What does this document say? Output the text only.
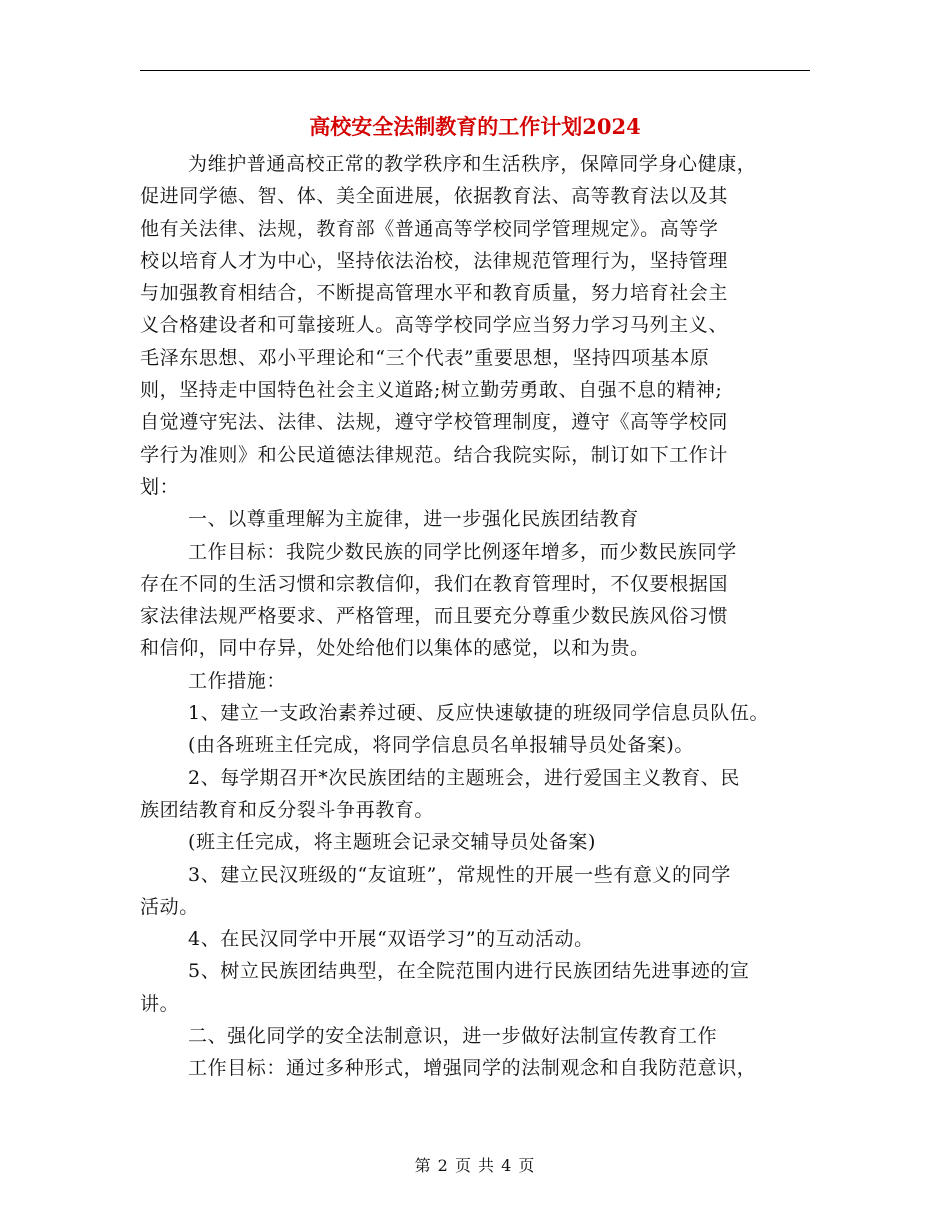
高校安全法制教育的工作计划2024
为维护普通高校正常的教学秩序和生活秩序，保障同学身心健康，
促进同学德、智、体、美全面进展，依据教育法、高等教育法以及其
他有关法律、法规，教育部《普通高等学校同学管理规定》。高等学
校以培育人才为中心，坚持依法治校，法律规范管理行为，坚持管理
与加强教育相结合，不断提高管理水平和教育质量，努力培育社会主
义合格建设者和可靠接班人。高等学校同学应当努力学习马列主义、
毛泽东思想、邓小平理论和“三个代表”重要思想，坚持四项基本原
则，坚持走中国特色社会主义道路;树立勤劳勇敢、自强不息的精神;
自觉遵守宪法、法律、法规，遵守学校管理制度，遵守《高等学校同
学行为准则》和公民道德法律规范。结合我院实际，制订如下工作计
划：
一、以尊重理解为主旋律，进一步强化民族团结教育
工作目标：我院少数民族的同学比例逐年增多，而少数民族同学
存在不同的生活习惯和宗教信仰，我们在教育管理时，不仅要根据国
家法律法规严格要求、严格管理，而且要充分尊重少数民族风俗习惯
和信仰，同中存异，处处给他们以集体的感觉，以和为贵。
工作措施：
1、建立一支政治素养过硬、反应快速敏捷的班级同学信息员队伍。
(由各班班主任完成，将同学信息员名单报辅导员处备案)。
2、每学期召开*次民族团结的主题班会，进行爱国主义教育、民
族团结教育和反分裂斗争再教育。
(班主任完成，将主题班会记录交辅导员处备案)
3、建立民汉班级的“友谊班”，常规性的开展一些有意义的同学
活动。
4、在民汉同学中开展“双语学习”的互动活动。
5、树立民族团结典型，在全院范围内进行民族团结先进事迹的宣
讲。
二、强化同学的安全法制意识，进一步做好法制宣传教育工作
工作目标：通过多种形式，增强同学的法制观念和自我防范意识，
第 2 页 共 4 页
